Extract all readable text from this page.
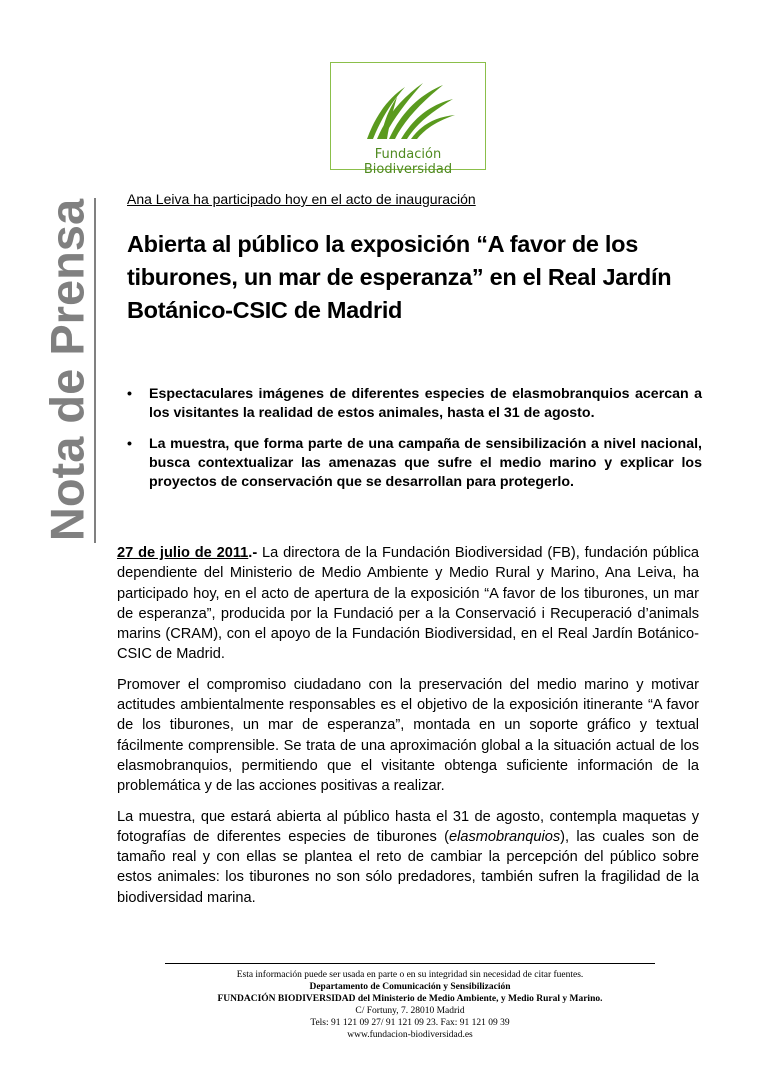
Fundación Biodiversidad
Nota de Prensa Ana Leiva ha participado hoy en el acto de inauguración
Abierta al público la exposición “A favor de los tiburones, un mar de esperanza” en el Real Jardín Botánico-CSIC de Madrid
• Espectaculares imágenes de diferentes especies de elasmobranquios acercan a los visitantes la realidad de estos animales, hasta el 31 de agosto.
• La muestra, que forma parte de una campaña de sensibilización a nivel nacional, busca contextualizar las amenazas que sufre el medio marino y explicar los proyectos de conservación que se desarrollan para protegerlo.

27 de julio de 2011.- La directora de la Fundación Biodiversidad (FB), fundación pública dependiente del Ministerio de Medio Ambiente y Medio Rural y Marino, Ana Leiva, ha participado hoy, en el acto de apertura de la exposición “A favor de los tiburones, un mar de esperanza”, producida por la Fundació per a la Conservació i Recuperació d’animals marins (CRAM), con el apoyo de la Fundación Biodiversidad, en el Real Jardín Botánico-CSIC de Madrid.

Promover el compromiso ciudadano con la preservación del medio marino y motivar actitudes ambientalmente responsables es el objetivo de la exposición itinerante “A favor de los tiburones, un mar de esperanza”, montada en un soporte gráfico y textual fácilmente comprensible. Se trata de una aproximación global a la situación actual de los elasmobranquios, permitiendo que el visitante obtenga suficiente información de la problemática y de las acciones positivas a realizar.

La muestra, que estará abierta al público hasta el 31 de agosto, contempla maquetas y fotografías de diferentes especies de tiburones (elasmobranquios), las cuales son de tamaño real y con ellas se plantea el reto de cambiar la percepción del público sobre estos animales: los tiburones no son sólo predadores, también sufren la fragilidad de la biodiversidad marina.

Esta información puede ser usada en parte o en su integridad sin necesidad de citar fuentes.
Departamento de Comunicación y Sensibilización
FUNDACIÓN BIODIVERSIDAD del Ministerio de Medio Ambiente, y Medio Rural y Marino.
C/ Fortuny, 7. 28010 Madrid
Tels: 91 121 09 27/ 91 121 09 23. Fax: 91 121 09 39
www.fundacion-biodiversidad.es
